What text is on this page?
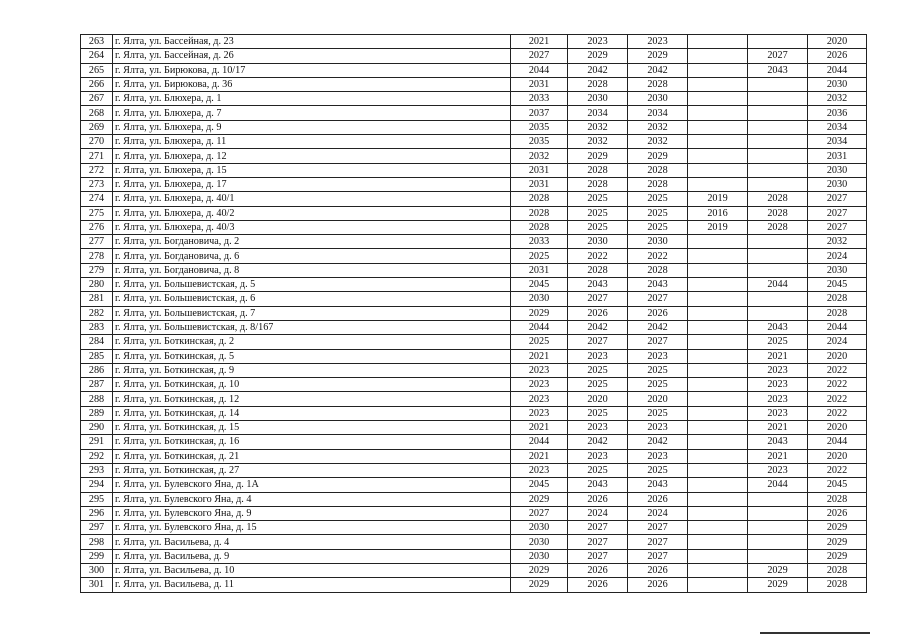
263	г. Ялта, ул. Бассейная, д. 23	2021	2023	2023			2020
264	г. Ялта, ул. Бассейная, д. 26	2027	2029	2029		2027	2026
265	г. Ялта, ул. Бирюкова, д. 10/17	2044	2042	2042		2043	2044
266	г. Ялта, ул. Бирюкова, д. 36	2031	2028	2028			2030
267	г. Ялта, ул. Блюхера, д. 1	2033	2030	2030			2032
268	г. Ялта, ул. Блюхера, д. 7	2037	2034	2034			2036
269	г. Ялта, ул. Блюхера, д. 9	2035	2032	2032			2034
270	г. Ялта, ул. Блюхера, д. 11	2035	2032	2032			2034
271	г. Ялта, ул. Блюхера, д. 12	2032	2029	2029			2031
272	г. Ялта, ул. Блюхера, д. 15	2031	2028	2028			2030
273	г. Ялта, ул. Блюхера, д. 17	2031	2028	2028			2030
274	г. Ялта, ул. Блюхера, д. 40/1	2028	2025	2025	2019	2028	2027
275	г. Ялта, ул. Блюхера, д. 40/2	2028	2025	2025	2016	2028	2027
276	г. Ялта, ул. Блюхера, д. 40/3	2028	2025	2025	2019	2028	2027
277	г. Ялта, ул. Богдановича, д. 2	2033	2030	2030			2032
278	г. Ялта, ул. Богдановича, д. 6	2025	2022	2022			2024
279	г. Ялта, ул. Богдановича, д. 8	2031	2028	2028			2030
280	г. Ялта, ул. Большевистская, д. 5	2045	2043	2043		2044	2045
281	г. Ялта, ул. Большевистская, д. 6	2030	2027	2027			2028
282	г. Ялта, ул. Большевистская, д. 7	2029	2026	2026			2028
283	г. Ялта, ул. Большевистская, д. 8/167	2044	2042	2042		2043	2044
284	г. Ялта, ул. Боткинская, д. 2	2025	2027	2027		2025	2024
285	г. Ялта, ул. Боткинская, д. 5	2021	2023	2023		2021	2020
286	г. Ялта, ул. Боткинская, д. 9	2023	2025	2025		2023	2022
287	г. Ялта, ул. Боткинская, д. 10	2023	2025	2025		2023	2022
288	г. Ялта, ул. Боткинская, д. 12	2023	2020	2020		2023	2022
289	г. Ялта, ул. Боткинская, д. 14	2023	2025	2025		2023	2022
290	г. Ялта, ул. Боткинская, д. 15	2021	2023	2023		2021	2020
291	г. Ялта, ул. Боткинская, д. 16	2044	2042	2042		2043	2044
292	г. Ялта, ул. Боткинская, д. 21	2021	2023	2023		2021	2020
293	г. Ялта, ул. Боткинская, д. 27	2023	2025	2025		2023	2022
294	г. Ялта, ул. Булевского Яна, д. 1А	2045	2043	2043		2044	2045
295	г. Ялта, ул. Булевского Яна, д. 4	2029	2026	2026			2028
296	г. Ялта, ул. Булевского Яна, д. 9	2027	2024	2024			2026
297	г. Ялта, ул. Булевского Яна, д. 15	2030	2027	2027			2029
298	г. Ялта, ул. Васильева, д. 4	2030	2027	2027			2029
299	г. Ялта, ул. Васильева, д. 9	2030	2027	2027			2029
300	г. Ялта, ул. Васильева, д. 10	2029	2026	2026		2029	2028
301	г. Ялта, ул. Васильева, д. 11	2029	2026	2026		2029	2028
